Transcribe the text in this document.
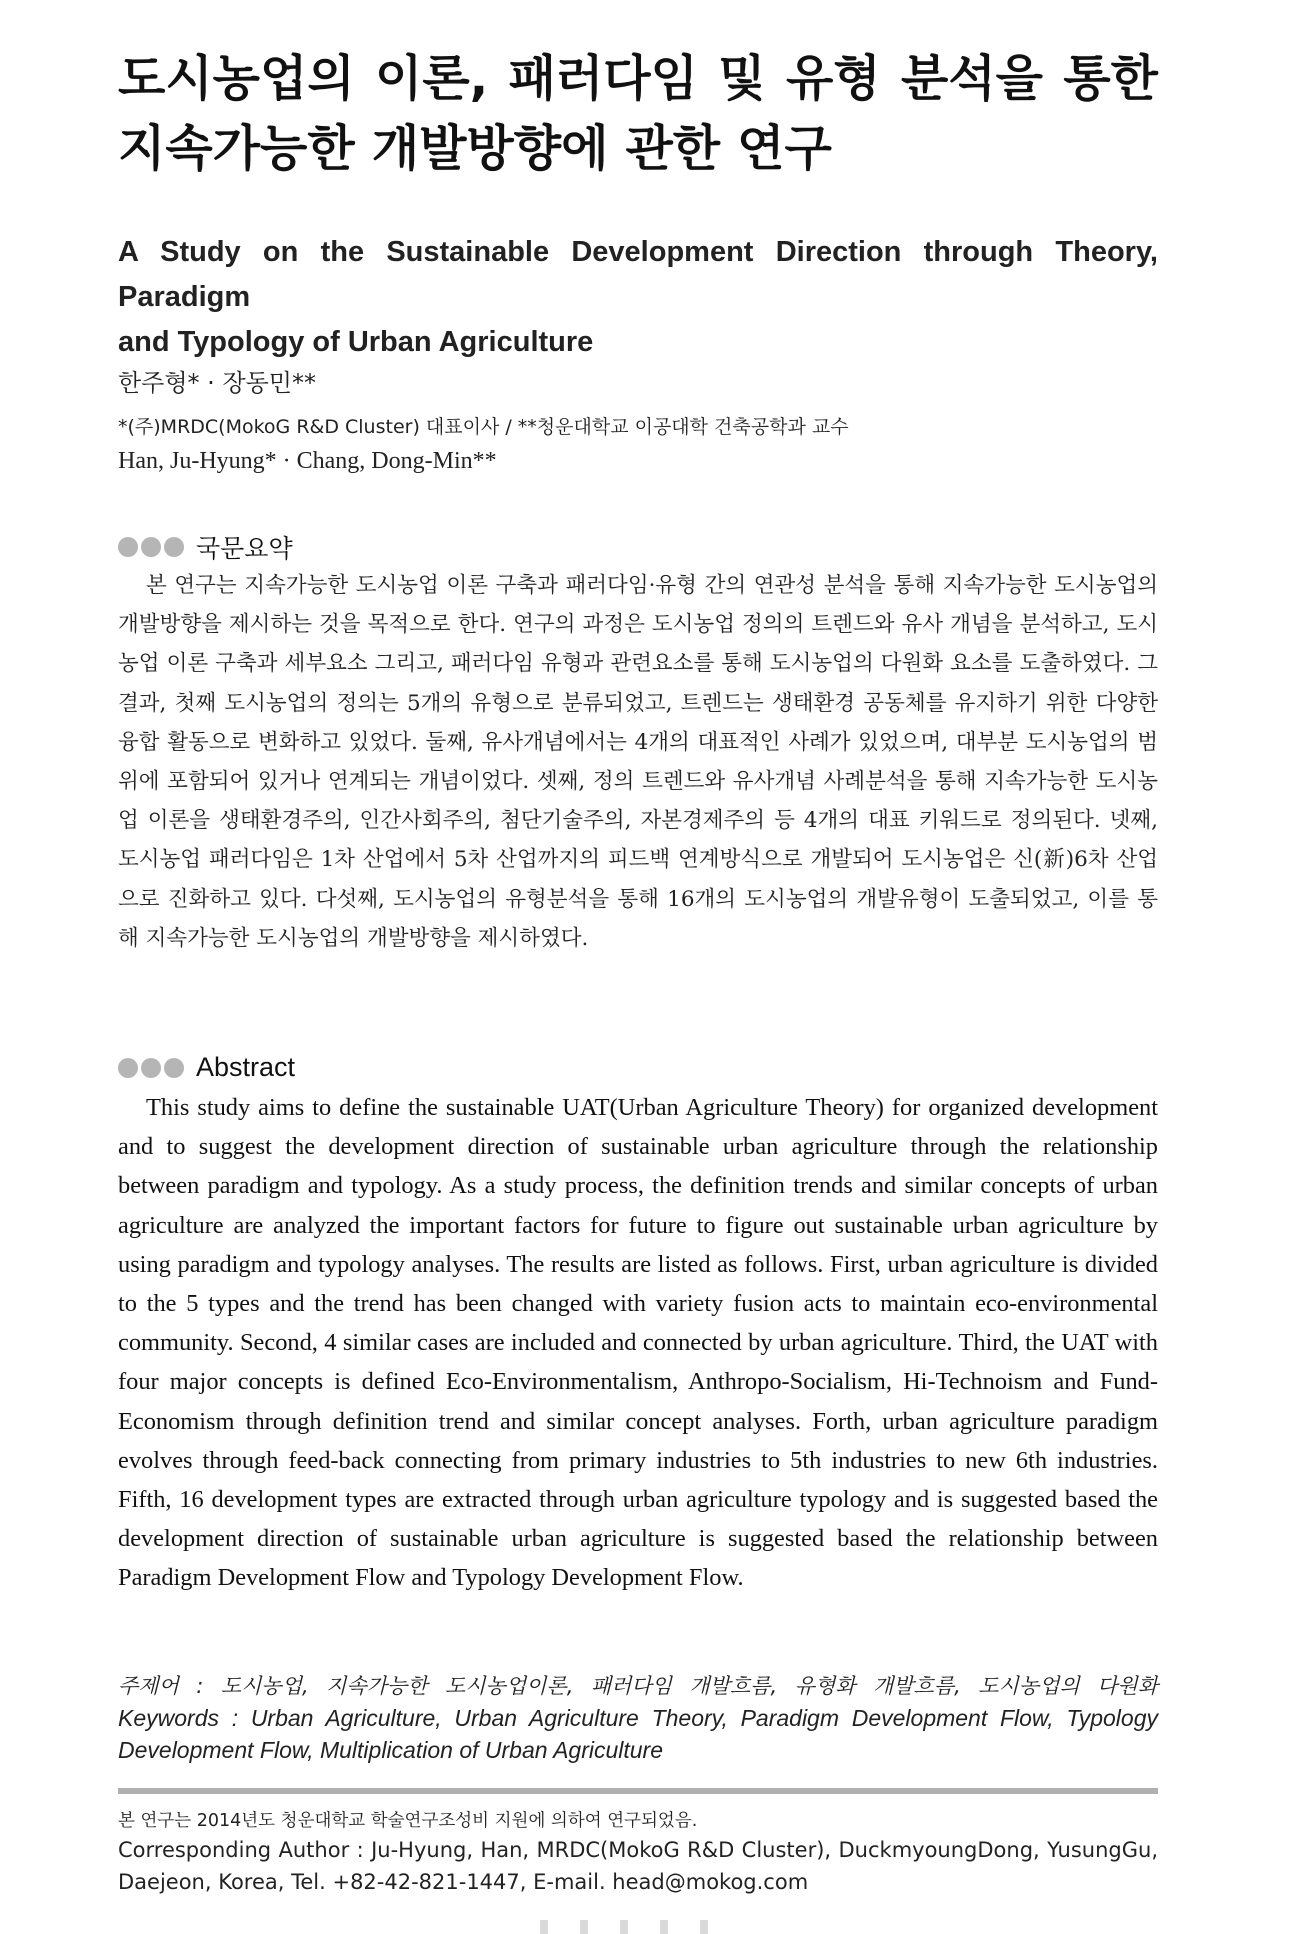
도시농업의 이론, 패러다임 및 유형 분석을 통한
지속가능한 개발방향에 관한 연구
A Study on the Sustainable Development Direction through Theory, Paradigm
and Typology of Urban Agriculture
한주형* · 장동민**
*(주)MRDC(MokoG R&D Cluster) 대표이사 / **청운대학교 이공대학 건축공학과 교수
Han, Ju-Hyung* · Chang, Dong-Min**
국문요약

본 연구는 지속가능한 도시농업 이론 구축과 패러다임·유형 간의 연관성 분석을 통해 지속가능한 도시농업의 개발방향을 제시하는 것을 목적으로 한다. 연구의 과정은 도시농업 정의의 트렌드와 유사 개념을 분석하고, 도시농업 이론 구축과 세부요소 그리고, 패러다임 유형과 관련요소를 통해 도시농업의 다원화 요소를 도출하였다. 그 결과, 첫째 도시농업의 정의는 5개의 유형으로 분류되었고, 트렌드는 생태환경 공동체를 유지하기 위한 다양한 융합 활동으로 변화하고 있었다. 둘째, 유사개념에서는 4개의 대표적인 사례가 있었으며, 대부분 도시농업의 범위에 포함되어 있거나 연계되는 개념이었다. 셋째, 정의 트렌드와 유사개념 사례분석을 통해 지속가능한 도시농업 이론을 생태환경주의, 인간사회주의, 첨단기술주의, 자본경제주의 등 4개의 대표 키워드로 정의된다. 넷째, 도시농업 패러다임은 1차 산업에서 5차 산업까지의 피드백 연계방식으로 개발되어 도시농업은 신(新)6차 산업으로 진화하고 있다. 다섯째, 도시농업의 유형분석을 통해 16개의 도시농업의 개발유형이 도출되었고, 이를 통해 지속가능한 도시농업의 개발방향을 제시하였다.

Abstract

This study aims to define the sustainable UAT(Urban Agriculture Theory) for organized development and to suggest the development direction of sustainable urban agriculture through the relationship between paradigm and typology. As a study process, the definition trends and similar concepts of urban agriculture are analyzed the important factors for future to figure out sustainable urban agriculture by using paradigm and typology analyses. The results are listed as follows. First, urban agriculture is divided to the 5 types and the trend has been changed with variety fusion acts to maintain eco-environmental community. Second, 4 similar cases are included and connected by urban agriculture. Third, the UAT with four major concepts is defined Eco-Environmentalism, Anthropo-Socialism, Hi-Technoism and Fund-Economism through definition trend and similar concept analyses. Forth, urban agriculture paradigm evolves through feed-back connecting from primary industries to 5th industries to new 6th industries. Fifth, 16 development types are extracted through urban agriculture typology and is suggested based the development direction of sustainable urban agriculture is suggested based the relationship between Paradigm Development Flow and Typology Development Flow.

주제어 : 도시농업, 지속가능한 도시농업이론, 패러다임 개발흐름, 유형화 개발흐름, 도시농업의 다원화
Keywords : Urban Agriculture, Urban Agriculture Theory, Paradigm Development Flow, Typology Development Flow, Multiplication of Urban Agriculture
본 연구는 2014년도 청운대학교 학술연구조성비 지원에 의하여 연구되었음.
Corresponding Author : Ju-Hyung, Han, MRDC(MokoG R&D Cluster), DuckmyoungDong, YusungGu, Daejeon, Korea, Tel. +82-42-821-1447, E-mail. head@mokog.com
